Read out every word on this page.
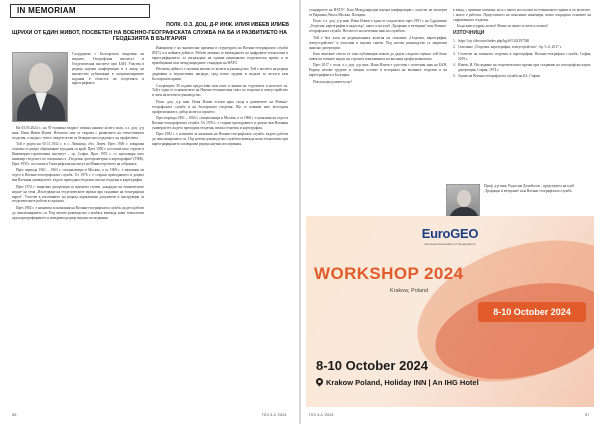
IN MEMORIAM
ПОЛК. О.З. ДОЦ. Д-Р ИНЖ. ИЛИЯ ИВЕЕВ ИЛИЕВ
ЩРИХИ ОТ ЕДИН ЖИВОТ, ПОСВЕТЕН НА ВОЕННО-ГЕОГРАФСКАТА СЛУЖБА НА БА И РАЗВИТИЕТО НА ГЕОДЕЗИЯТА В БЪЛГАРИЯ

На 03.05.2024 г., на 91-годишна възраст почина нашият колега полк. о.з. доц. д-р инж. Илия Ивеев Илиев. Неговото име се свързва с развитието на отечествената геодезия, а заедно с това е свидетелство за безкористна отдаденост на професията.

Той е роден на 05.11.1932 г. в с. Лешница, обл. Ловеч. През 1949 г. завършва основно и средно образование в родния си край. През 1950 г. постъпва като студент в Инженерно-строителния институт – гр. София. През 1955 г. се дипломира като инженер-геодезист по специалност „Геодезия, фотограметрия и картография“ (ГФК). През 1955 г. постъпва в Топографския институт на Министерството на отбраната.

През периода 1961 – 1963 г. специализира в Москва, а от 1968 г. е началник на отдел в Военно-топографската служба. От 1976 г. е старши преподавател и доцент във Военния университет, където преподава геодезия, висша геодезия и картография.

През 1974 г. защитава дисертация за научната степен „кандидат на техническите науки“ на тема „Изследване на геодезическите мрежи при създаване на топографски карти“. Участва в изготвянето на редица нормативни документи и инструкции за геодезическите работи в страната.

През 1982 г. е назначен за началник на Военно-географската служба, където работи до пенсионирането си. Под негово ръководство службата въвежда нови технологии при картографирането и извършва редица научни изследвания.

Сътрудничи с Българската академия на науките, Географския институт и Геодезическия институт при БАН. Участва в редица научни конференции и е автор на множество публикации в специализираните издания в областта на геодезията и картографията.

Инициатор е на значителни промени в структурата на Военно-географската служба (ВГС) и в нейната дейност. Работи активно за въвеждането на цифровите технологии в картографирането, за изграждане на единна национална геодезическа мрежа и за приобщаване към международните стандарти на НАТО.

Неговата дейност е оценена високо от колеги и ръководство. Той е носител на редица държавни и ведомствени награди, сред които ордени и медали за заслуги към Българската армия.

Следващите 30 години предоставя своя опит и знания на студентите и колегите си. Той е един от основателите на Научно-техническия съюз по геодезия и земеустройство и член на неговото ръководство.

Полк. доц. д-р инж. Илия Илиев остави ярка следа в развитието на Военно-географската служба и на българската геодезия. Ще го помним като всеотдаен професионалист, добър колега и приятел.

През периода 1961 – 1963 г. специализира в Москва, а от 1968 г. е началник на отдел в Военно-топографската служба. От 1976 г. е старши преподавател и доцент във Военния университет, където преподава геодезия, висша геодезия и картография.

През 1982 г. е назначен за началник на Военно-географската служба, където работи до пенсионирането си. Под негово ръководство службата въвежда нови технологии при картографирането и извършва редица научни изследвания.

56	ГКЗ 3-4 '2024

стандартите на НАТО“. Към Международна научна конференция с участие на експерти от Варшава, Рим и Москва, Пловдив.

Полк. о.з. доц. д-р инж. Илия Илиев е един от създателите през 1991 г. на Сдружение „Геодезия, картография и кадастър“, както и на клуб „Традиции и ветерани“ към Военно-географската служба. Носител е на почетния знак на службата.

Той е бил член на редакционната колегия на списание „Геодезия, картография, земеустройство“ и участник в научни съвети. Под негово ръководство са защитени няколко дисертации.

Като вписвате текста от тази публикация можем да дадем следната оценка: той беше човек на точните науки, на строгите изисквания и на високия професионализъм.

През 2017 г. полк. о.з. доц. д-р инж. Илия Илиев е удостоен с почетния знак на БАН. Редица негови трудове и лекции остават в историята на военната геодезия и на картографията в България.

Поклон пред паметта му!

в къща, с приятни спомени, но и с много носталгия по отминалите години и по колегите, с които е работил. Представител на поколение инженери, които изградиха основите на съвременната геодезия.

Бъди жив и здрав, колега! Вечна ти памет и светъл спомен!

ИЗТОЧНИЦИ
1. https://ojs.cbbva.net/index.php/bg/s0/126/297540
2. Списание „Геодезия, картография, земеустройство“, бр. 5–6, 2017 г.
3. Столетие на военната геодезия и картография, Военно-географска служба, София, 2019 г.
4. Илиев, И. Изследване на геодезическите мрежи при създаване на топографски карти, дисертация, София, 1974 г.
5. Архив на Военно-географската служба на БА, София.
ГКЗ 3-4 '2024	57
Проф. д-р инж. Радослав Делибосов – председател на клуб „Традиции и ветерани“ към Военно-географската служба
EuroGEO
European Association of Geographers
WORKSHOP 2024
Krakow, Poland
8-10 October 2024
8-10 October 2024
Krakow Poland, Holiday INN | An IHG Hotel
